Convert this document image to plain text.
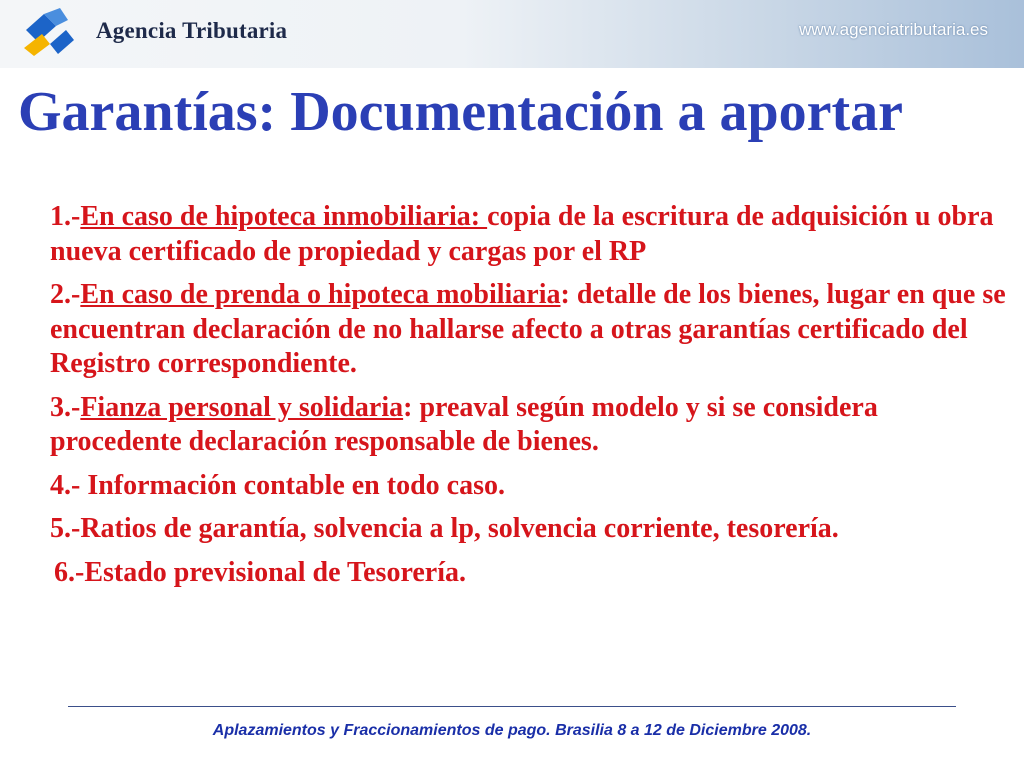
Agencia Tributaria	www.agenciatributaria.es
Garantías: Documentación a aportar
1.-En caso de hipoteca inmobiliaria: copia de la escritura de adquisición u obra nueva certificado de propiedad y cargas por el RP
2.-En caso de prenda o hipoteca mobiliaria: detalle de los bienes, lugar en que se encuentran declaración de no hallarse afecto a otras garantías certificado del Registro correspondiente.
3.-Fianza personal y solidaria: preaval según modelo y si se considera procedente declaración responsable de bienes.
4.- Información contable en todo caso.
5.-Ratios de garantía, solvencia a lp, solvencia corriente, tesorería.
6.-Estado previsional de Tesorería.
Aplazamientos y Fraccionamientos de pago. Brasilia 8 a 12 de Diciembre 2008.
